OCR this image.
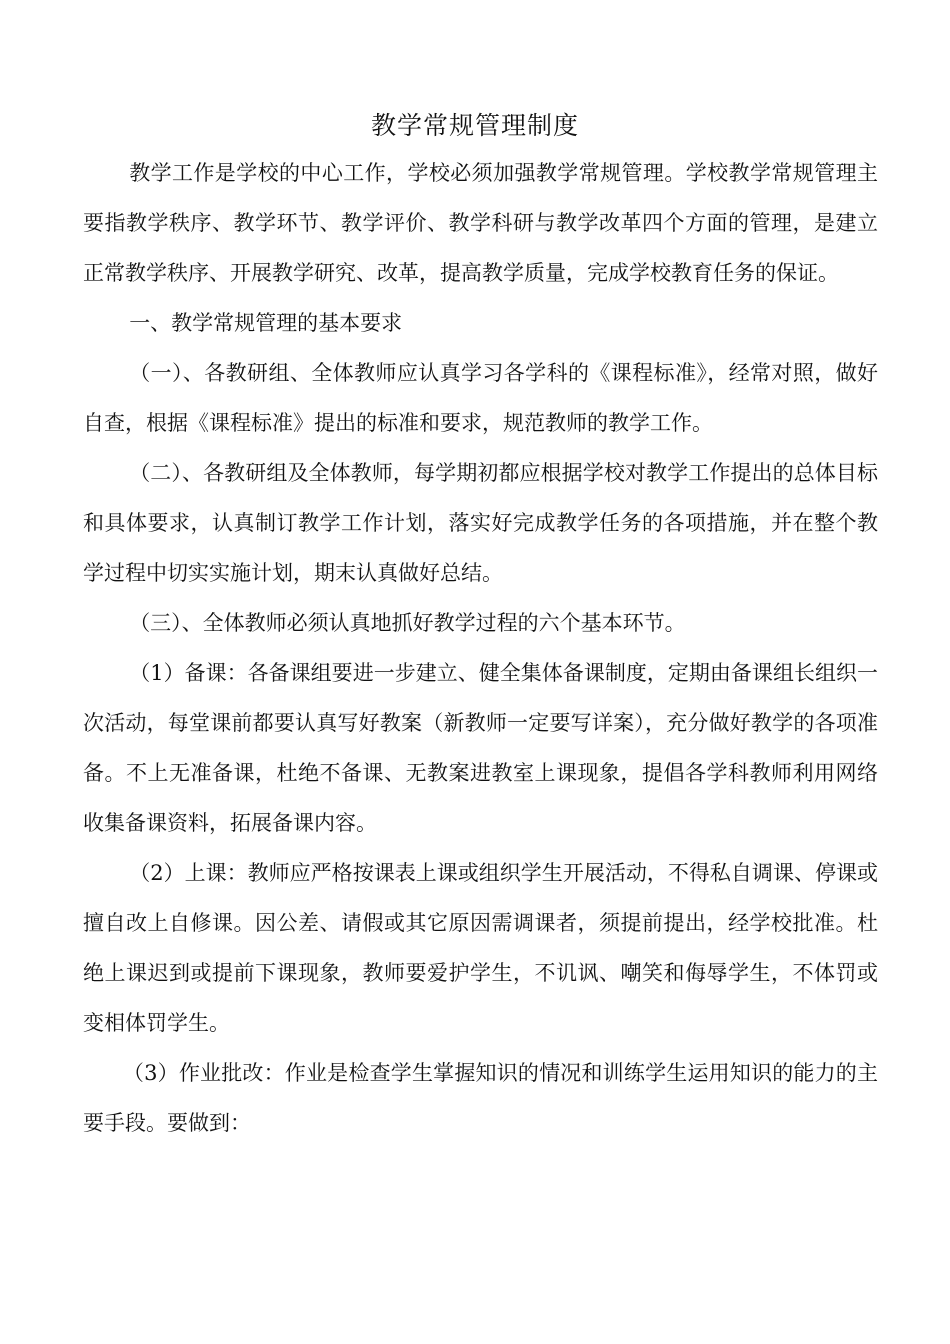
教学常规管理制度

教学工作是学校的中心工作，学校必须加强教学常规管理。学校教学常规管理主要指教学秩序、教学环节、教学评价、教学科研与教学改革四个方面的管理，是建立正常教学秩序、开展教学研究、改革，提高教学质量，完成学校教育任务的保证。

一、教学常规管理的基本要求

（一）、各教研组、全体教师应认真学习各学科的《课程标准》，经常对照，做好自查，根据《课程标准》提出的标准和要求，规范教师的教学工作。

（二）、各教研组及全体教师，每学期初都应根据学校对教学工作提出的总体目标和具体要求，认真制订教学工作计划，落实好完成教学任务的各项措施，并在整个教学过程中切实实施计划，期末认真做好总结。

（三）、全体教师必须认真地抓好教学过程的六个基本环节。

（1）备课：各备课组要进一步建立、健全集体备课制度，定期由备课组长组织一次活动，每堂课前都要认真写好教案（新教师一定要写详案），充分做好教学的各项准备。不上无准备课，杜绝不备课、无教案进教室上课现象，提倡各学科教师利用网络收集备课资料，拓展备课内容。

（2）上课：教师应严格按课表上课或组织学生开展活动，不得私自调课、停课或擅自改上自修课。因公差、请假或其它原因需调课者，须提前提出，经学校批准。杜绝上课迟到或提前下课现象，教师要爱护学生，不讥讽、嘲笑和侮辱学生，不体罚或变相体罚学生。

（3）作业批改：作业是检查学生掌握知识的情况和训练学生运用知识的能力的主要手段。要做到：
